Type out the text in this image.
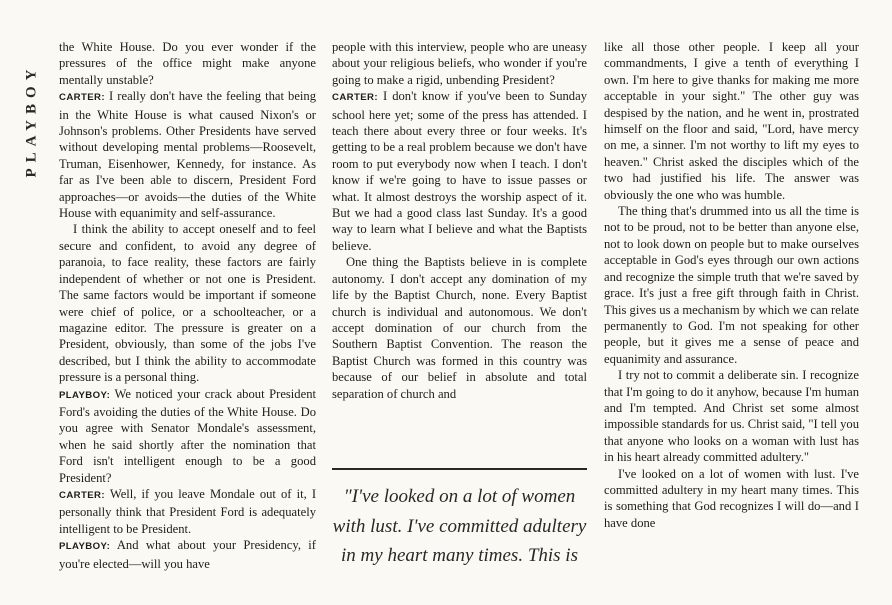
PLAYBOY

the White House. Do you ever wonder if the pressures of the office might make anyone mentally unstable?

CARTER: I really don't have the feeling that being in the White House is what caused Nixon's or Johnson's problems. Other Presidents have served without developing mental problems—Roosevelt, Truman, Eisenhower, Kennedy, for instance. As far as I've been able to discern, President Ford approaches—or avoids—the duties of the White House with equanimity and self-assurance.

I think the ability to accept oneself and to feel secure and confident, to avoid any degree of paranoia, to face reality, these factors are fairly independent of whether or not one is President. The same factors would be important if someone were chief of police, or a schoolteacher, or a magazine editor. The pressure is greater on a President, obviously, than some of the jobs I've described, but I think the ability to accommodate pressure is a personal thing.

PLAYBOY: We noticed your crack about President Ford's avoiding the duties of the White House. Do you agree with Senator Mondale's assessment, when he said shortly after the nomination that Ford isn't intelligent enough to be a good President?

CARTER: Well, if you leave Mondale out of it, I personally think that President Ford is adequately intelligent to be President.

PLAYBOY: And what about your Presidency, if you're elected—will you have

people with this interview, people who are uneasy about your religious beliefs, who wonder if you're going to make a rigid, unbending President?

CARTER: I don't know if you've been to Sunday school here yet; some of the press has attended. I teach there about every three or four weeks. It's getting to be a real problem because we don't have room to put everybody now when I teach. I don't know if we're going to have to issue passes or what. It almost destroys the worship aspect of it. But we had a good class last Sunday. It's a good way to learn what I believe and what the Baptists believe.

One thing the Baptists believe in is complete autonomy. I don't accept any domination of my life by the Baptist Church, none. Every Baptist church is individual and autonomous. We don't accept domination of our church from the Southern Baptist Convention. The reason the Baptist Church was formed in this country was because of our belief in absolute and total separation of church and

"I've looked on a lot of women with lust. I've committed adultery in my heart many times. This is

like all those other people. I keep all your commandments, I give a tenth of everything I own. I'm here to give thanks for making me more acceptable in your sight." The other guy was despised by the nation, and he went in, prostrated himself on the floor and said, "Lord, have mercy on me, a sinner. I'm not worthy to lift my eyes to heaven." Christ asked the disciples which of the two had justified his life. The answer was obviously the one who was humble.

The thing that's drummed into us all the time is not to be proud, not to be better than anyone else, not to look down on people but to make ourselves acceptable in God's eyes through our own actions and recognize the simple truth that we're saved by grace. It's just a free gift through faith in Christ. This gives us a mechanism by which we can relate permanently to God. I'm not speaking for other people, but it gives me a sense of peace and equanimity and assurance.

I try not to commit a deliberate sin. I recognize that I'm going to do it anyhow, because I'm human and I'm tempted. And Christ set some almost impossible standards for us. Christ said, "I tell you that anyone who looks on a woman with lust has in his heart already committed adultery."

I've looked on a lot of women with lust. I've committed adultery in my heart many times. This is something that God recognizes I will do—and I have done
